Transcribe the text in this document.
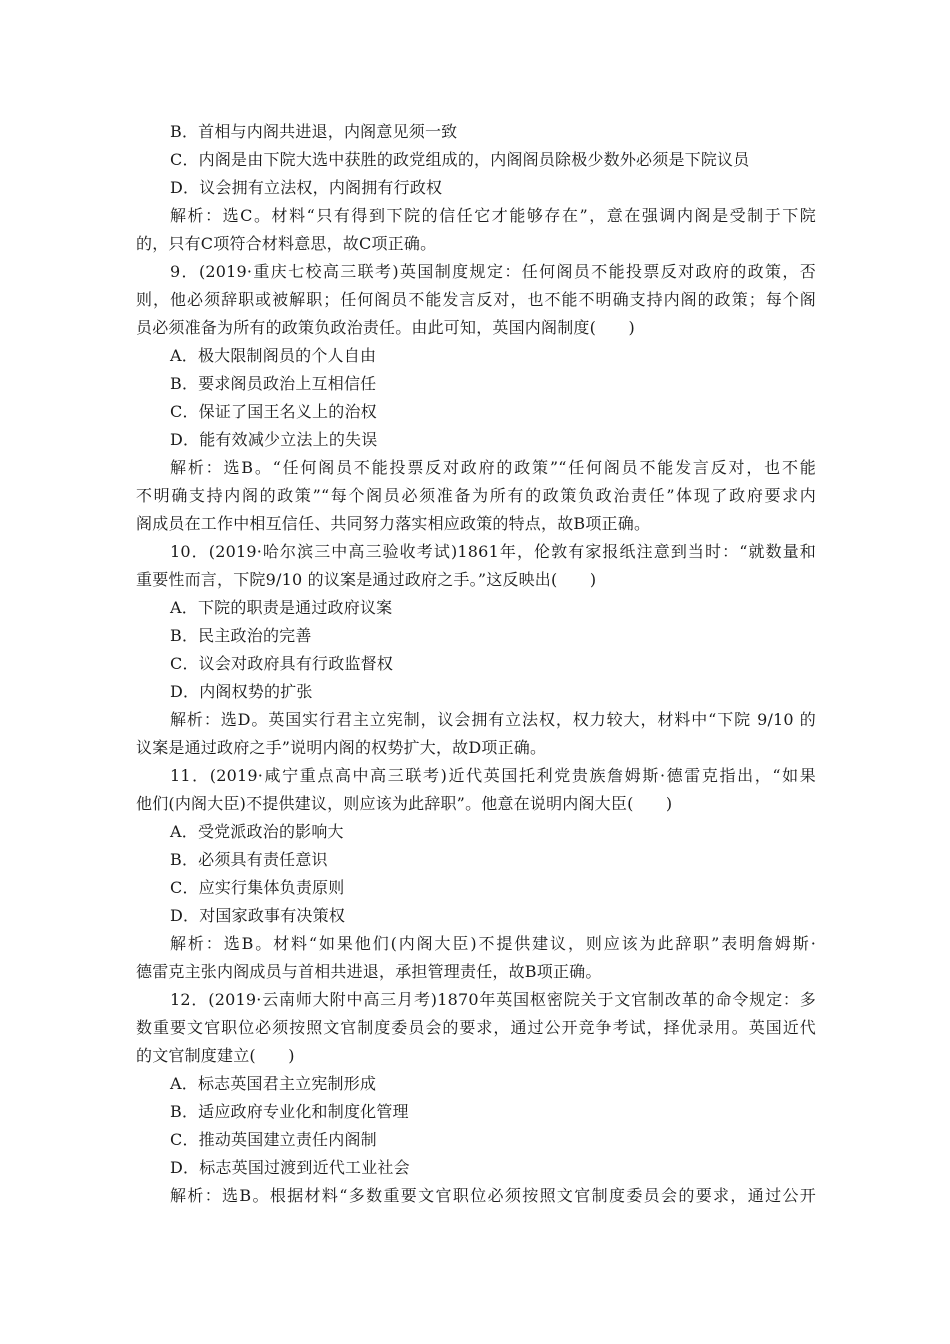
B．首相与内阁共进退，内阁意见须一致
C．内阁是由下院大选中获胜的政党组成的，内阁阁员除极少数外必须是下院议员
D．议会拥有立法权，内阁拥有行政权
解析：选C。材料“只有得到下院的信任它才能够存在”，意在强调内阁是受制于下院
的，只有C项符合材料意思，故C项正确。
9．(2019·重庆七校高三联考)英国制度规定：任何阁员不能投票反对政府的政策，否
则，他必须辞职或被解职；任何阁员不能发言反对，也不能不明确支持内阁的政策；每个阁
员必须准备为所有的政策负政治责任。由此可知，英国内阁制度(　　)
A．极大限制阁员的个人自由
B．要求阁员政治上互相信任
C．保证了国王名义上的治权
D．能有效减少立法上的失误
解析：选B。“任何阁员不能投票反对政府的政策”“任何阁员不能发言反对，也不能
不明确支持内阁的政策”“每个阁员必须准备为所有的政策负政治责任”体现了政府要求内
阁成员在工作中相互信任、共同努力落实相应政策的特点，故B项正确。
10．(2019·哈尔滨三中高三验收考试)1861年，伦敦有家报纸注意到当时：“就数量和
重要性而言，下院9/10 的议案是通过政府之手。”这反映出(　　)
A．下院的职责是通过政府议案
B．民主政治的完善
C．议会对政府具有行政监督权
D．内阁权势的扩张
解析：选D。英国实行君主立宪制，议会拥有立法权，权力较大，材料中“下院 9/10 的
议案是通过政府之手”说明内阁的权势扩大，故D项正确。
11．(2019·咸宁重点高中高三联考)近代英国托利党贵族詹姆斯·德雷克指出，“如果
他们(内阁大臣)不提供建议，则应该为此辞职”。他意在说明内阁大臣(　　)
A．受党派政治的影响大
B．必须具有责任意识
C．应实行集体负责原则
D．对国家政事有决策权
解析：选B。材料“如果他们(内阁大臣)不提供建议，则应该为此辞职”表明詹姆斯·
德雷克主张内阁成员与首相共进退，承担管理责任，故B项正确。
12．(2019·云南师大附中高三月考)1870年英国枢密院关于文官制改革的命令规定：多
数重要文官职位必须按照文官制度委员会的要求，通过公开竞争考试，择优录用。英国近代
的文官制度建立(　　)
A．标志英国君主立宪制形成
B．适应政府专业化和制度化管理
C．推动英国建立责任内阁制
D．标志英国过渡到近代工业社会
解析：选B。根据材料“多数重要文官职位必须按照文官制度委员会的要求，通过公开
